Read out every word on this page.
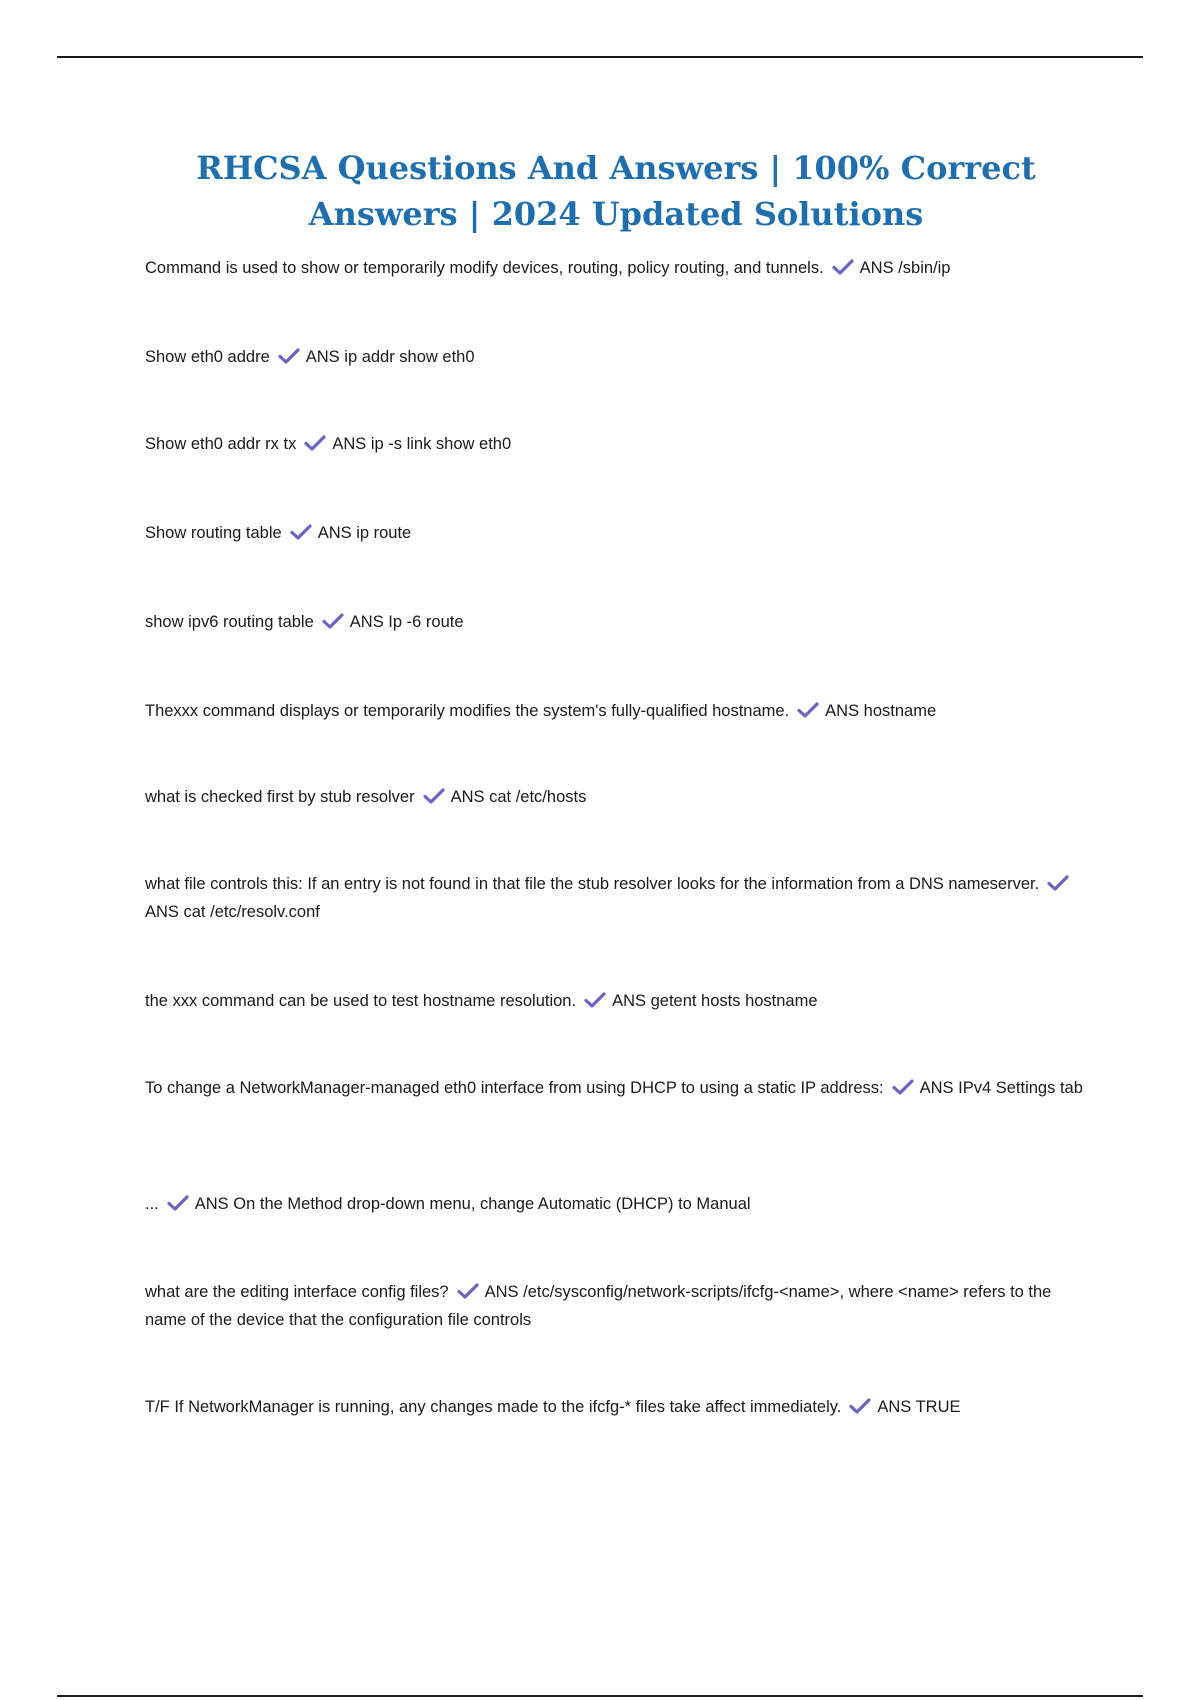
RHCSA Questions And Answers | 100% Correct Answers | 2024 Updated Solutions

Command is used to show or temporarily modify devices, routing, policy routing, and tunnels. ANS /sbin/ip

Show eth0 addre ANS ip addr show eth0

Show eth0 addr rx tx ANS ip -s link show eth0

Show routing table ANS ip route

show ipv6 routing table ANS Ip -6 route

Thexxx command displays or temporarily modifies the system's fully-qualified hostname. ANS hostname

what is checked first by stub resolver ANS cat /etc/hosts

what file controls this: If an entry is not found in that file the stub resolver looks for the information from a DNS nameserver.
ANS cat /etc/resolv.conf

the xxx command can be used to test hostname resolution. ANS getent hosts hostname

To change a NetworkManager-managed eth0 interface from using DHCP to using a static IP address: ANS IPv4 Settings tab

... ANS On the Method drop-down menu, change Automatic (DHCP) to Manual

what are the editing interface config files? ANS /etc/sysconfig/network-scripts/ifcfg-<name>, where <name> refers to the name of the device that the configuration file controls

T/F If NetworkManager is running, any changes made to the ifcfg-* files take affect immediately. ANS TRUE
